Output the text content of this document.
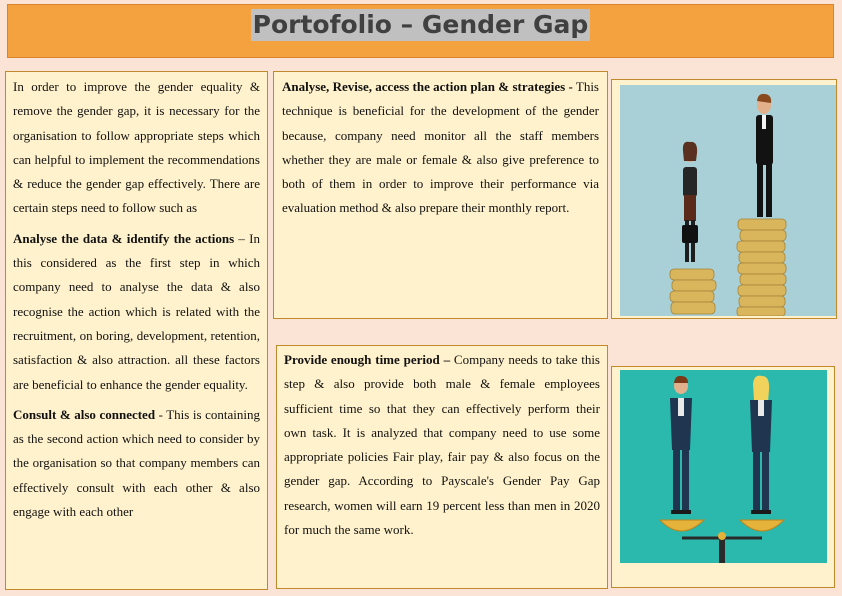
Portofolio – Gender Gap

In order to improve the gender equality & remove the gender gap, it is necessary for the organisation to follow appropriate steps which can helpful to implement the recommendations & reduce the gender gap effectively. There are certain steps need to follow such as

Analyse the data & identify the actions – In this considered as the first step in which company need to analyse the data & also recognise the action which is related with the recruitment, on boring, development, retention, satisfaction & also attraction. all these factors are beneficial to enhance the gender equality.

Consult & also connected - This is containing as the second action which need to consider by the organisation so that company members can effectively consult with each other & also engage with each other

Analyse, Revise, access the action plan & strategies - This technique is beneficial for the development of the gender because, company need monitor all the staff members whether they are male or female & also give preference to both of them in order to improve their performance via evaluation method & also prepare their monthly report.

Provide enough time period – Company needs to take this step & also provide both male & female employees sufficient time so that they can effectively perform their own task. It is analyzed that company need to use some appropriate policies Fair play, fair pay & also focus on the gender gap. According to Payscale's Gender Pay Gap research, women will earn 19 percent less than men in 2020 for much the same work.
